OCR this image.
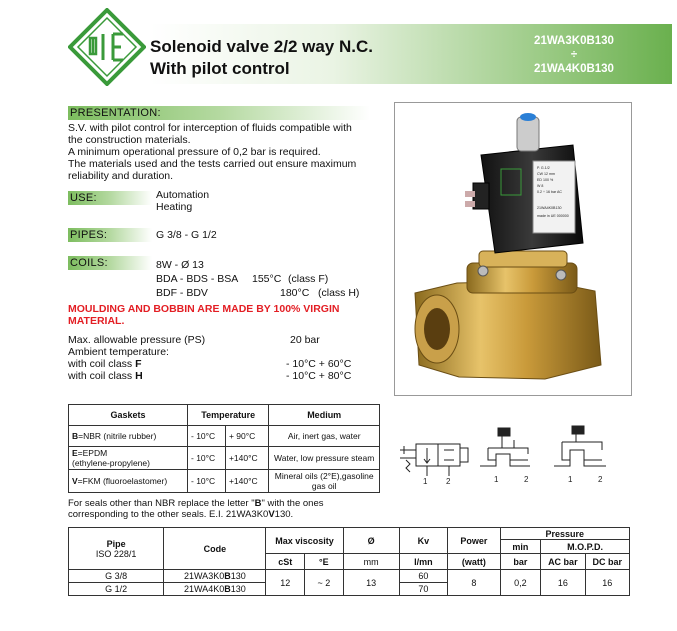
Solenoid valve 2/2 way N.C.
With pilot control
21WA3K0B130
÷
21WA4K0B130
PRESENTATION:
S.V. with pilot control for interception of fluids compatible with
the construction materials.
A minimum operational pressure of 0,2 bar is required.
The materials used and the tests carried out ensure maximum
reliability and duration.
USE:	Automation
Heating
PIPES:	G 3/8 - G 1/2
COILS:	8W - Ø 13
BDA - BDS - BSA 155°C (class F)
BDF - BDV	180°C (class H)
MOULDING AND BOBBIN ARE MADE BY 100% VIRGIN
MATERIAL.
Max. allowable pressure (PS)	20 bar
Ambient temperature:
with coil class F	- 10°C + 60°C
with coil class H	- 10°C + 80°C
P. G.1/2
CW 12 mm
ED 100 %
W 8
0.2 ÷ 16 bar AC
21WA4K0B130
made in UE 000000
Gaskets	Temperature		Medium
B=NBR (nitrile rubber)	- 10°C	+ 90°C	Air, inert gas, water
E=EPDM
(ethylene-propylene)	- 10°C	+140°C	Water, low pressure steam
V=FKM (fluoroelastomer)	- 10°C	+140°C	Mineral oils (2°E),gasoline
gas oil
For seals other than NBR replace the letter "B" with the ones
corresponding to the other seals. E.I. 21WA3K0V130.
1 2	1	2	1	2
Pipe
ISO 228/1	Code	Max viscosity		Ø	Kv	Power	Pressure		
							min	M.O.P.D.	
		cSt	°E	mm	l/mn	(watt)	bar	AC bar	DC bar
G 3/8	21WA3K0B130	12	~ 2	13	60	8	0,2	16	16
G 1/2	21WA4K0B130				70				
